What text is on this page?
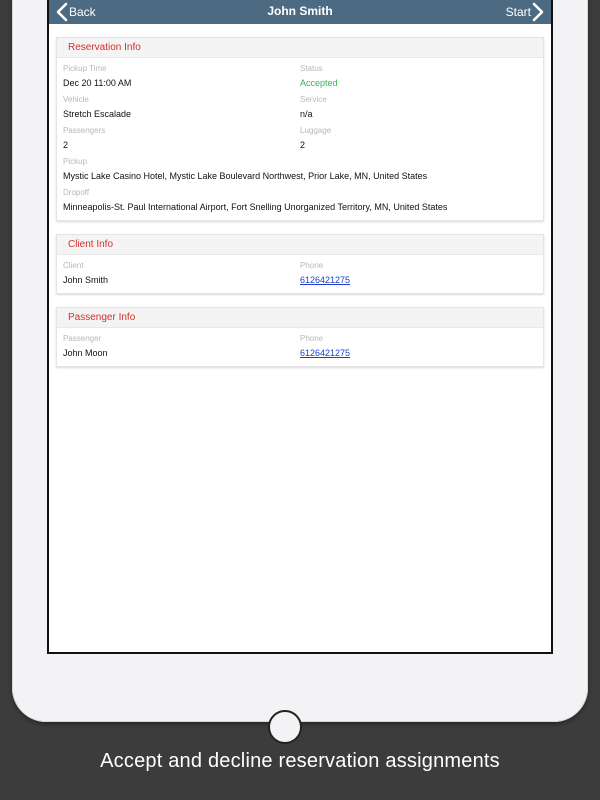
Back	John Smith	Start
Reservation Info
Pickup Time
Dec 20 11:00 AM
Status
Accepted
Vehicle
Stretch Escalade
Service
n/a
Passengers
2
Luggage
2
Pickup
Mystic Lake Casino Hotel, Mystic Lake Boulevard Northwest, Prior Lake, MN, United States
Dropoff
Minneapolis-St. Paul International Airport, Fort Snelling Unorganized Territory, MN, United States
Client Info
Client
John Smith
Phone
6126421275
Passenger Info
Passenger
John Moon
Phone
6126421275
Accept and decline reservation assignments
